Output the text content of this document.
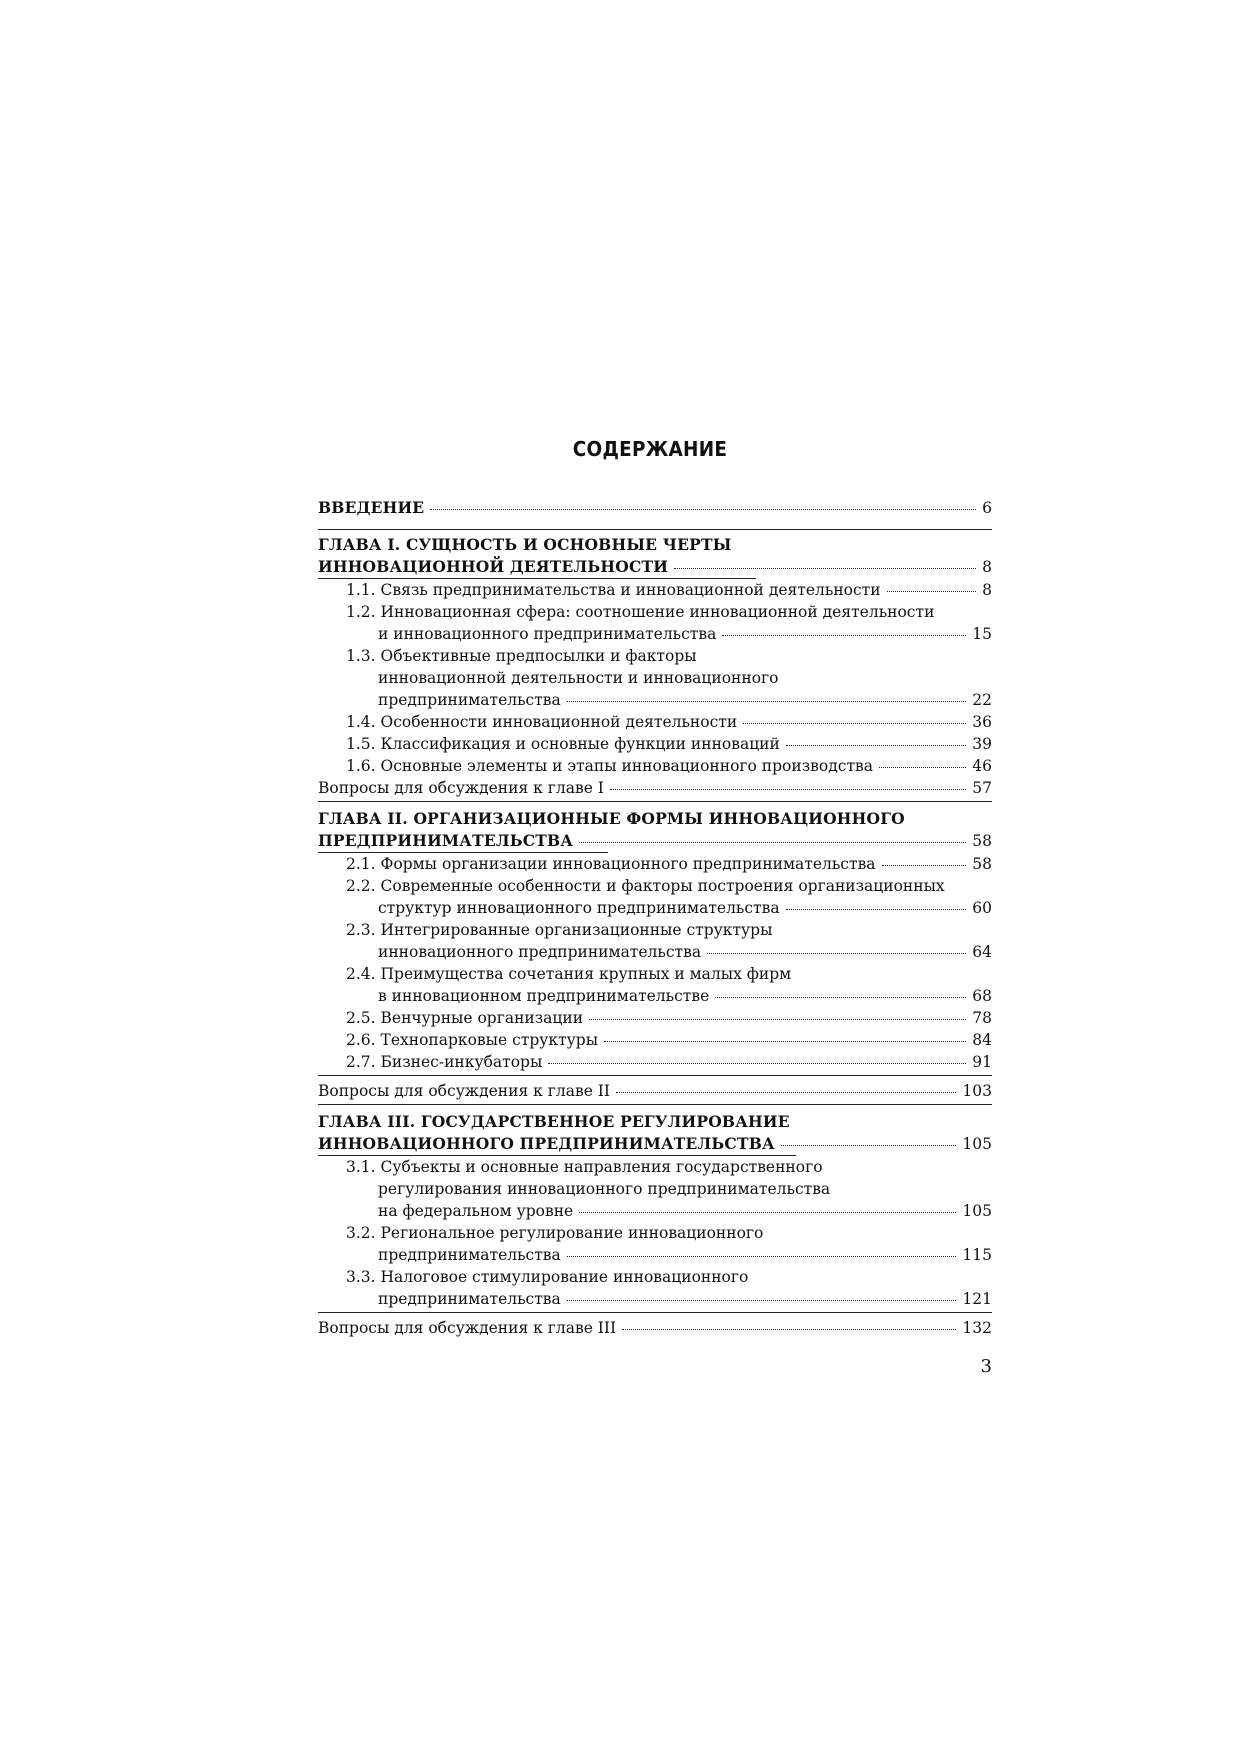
СОДЕРЖАНИЕ
ВВЕДЕНИЕ	6
ГЛАВА I. СУЩНОСТЬ И ОСНОВНЫЕ ЧЕРТЫ
ИННОВАЦИОННОЙ ДЕЯТЕЛЬНОСТИ	8
1.1. Связь предпринимательства и инновационной деятельности	8
1.2. Инновационная сфера: соотношение инновационной деятельности
и инновационного предпринимательства	15
1.3. Объективные предпосылки и факторы
инновационной деятельности и инновационного
предпринимательства	22
1.4. Особенности инновационной деятельности	36
1.5. Классификация и основные функции инноваций	39
1.6. Основные элементы и этапы инновационного производства	46
Вопросы для обсуждения к главе I	57
ГЛАВА II. ОРГАНИЗАЦИОННЫЕ ФОРМЫ ИННОВАЦИОННОГО
ПРЕДПРИНИМАТЕЛЬСТВА	58
2.1. Формы организации инновационного предпринимательства	58
2.2. Современные особенности и факторы построения организационных
структур инновационного предпринимательства	60
2.3. Интегрированные организационные структуры
инновационного предпринимательства	64
2.4. Преимущества сочетания крупных и малых фирм
в инновационном предпринимательстве	68
2.5. Венчурные организации	78
2.6. Технопарковые структуры	84
2.7. Бизнес-инкубаторы	91
Вопросы для обсуждения к главе II	103
ГЛАВА III. ГОСУДАРСТВЕННОЕ РЕГУЛИРОВАНИЕ
ИННОВАЦИОННОГО ПРЕДПРИНИМАТЕЛЬСТВА	105
3.1. Субъекты и основные направления государственного
регулирования инновационного предпринимательства
на федеральном уровне	105
3.2. Региональное регулирование инновационного
предпринимательства	115
3.3. Налоговое стимулирование инновационного
предпринимательства	121
Вопросы для обсуждения к главе III	132
3
